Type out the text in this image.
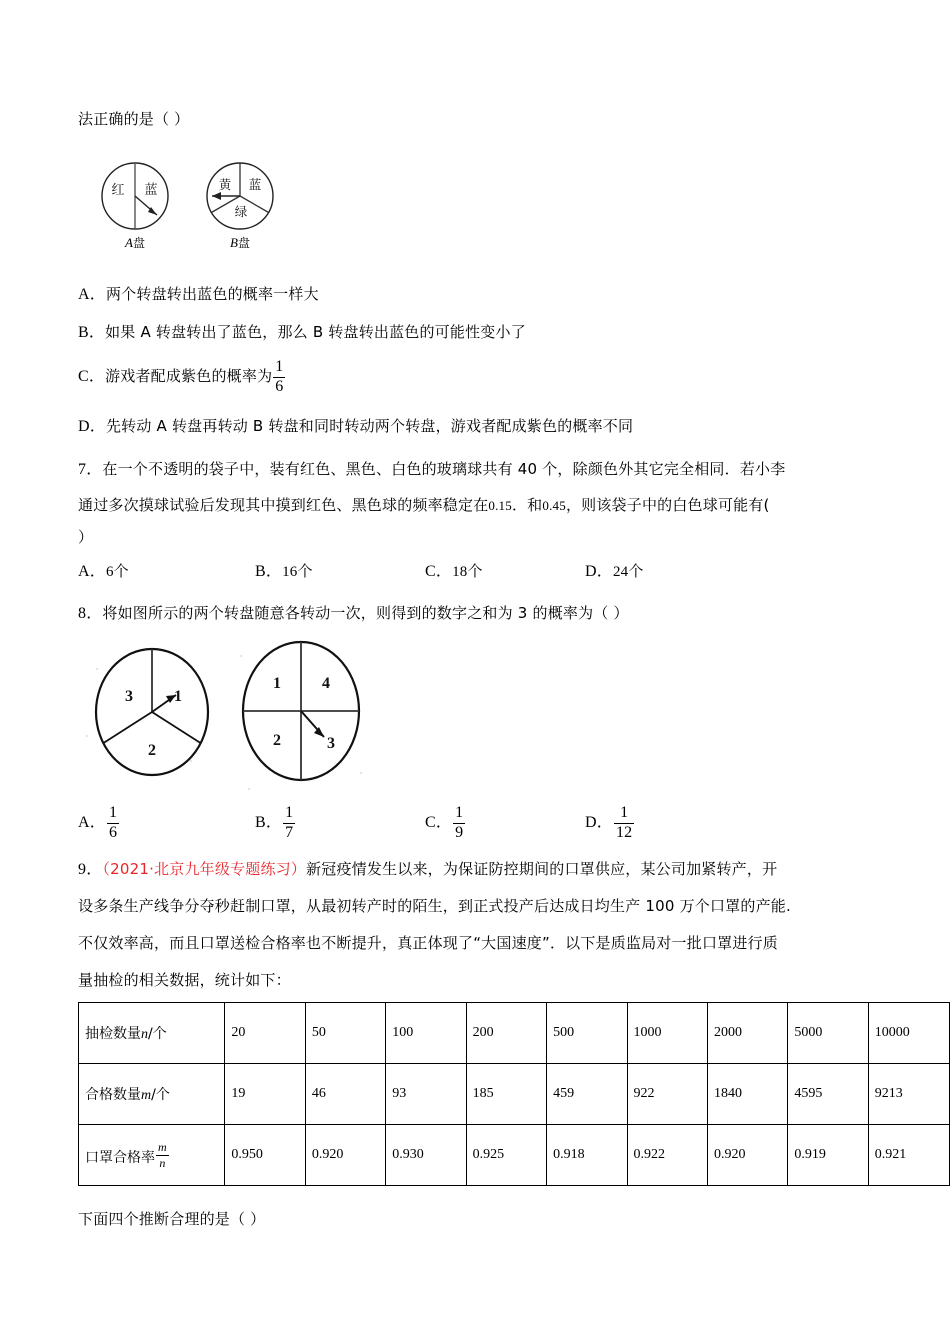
法正确的是（ ）
红 蓝
A盘
黄 蓝
绿
B盘
A．两个转盘转出蓝色的概率一样大
B．如果 A 转盘转出了蓝色，那么 B 转盘转出蓝色的可能性变小了
C．游戏者配成紫色的概率为 $\frac{1}{6}$
D．先转动 A 转盘再转动 B 转盘和同时转动两个转盘，游戏者配成紫色的概率不同
7．在一个不透明的袋子中，装有红色、黑色、白色的玻璃球共有 40 个，除颜色外其它完全相同．若小李
通过多次摸球试验后发现其中摸到红色、黑色球的频率稳定在0.15．和0.45，则该袋子中的白色球可能有(
）
A．6个	B．16个	C．18个	D．24个
8．将如图所示的两个转盘随意各转动一次，则得到的数字之和为 3 的概率为（ ）
3	1
2
1	4
2	3
A． $\frac{1}{6}$	B． $\frac{1}{7}$	C． $\frac{1}{9}$	D． $\frac{1}{12}$
9．（2021·北京九年级专题练习）新冠疫情发生以来，为保证防控期间的口罩供应，某公司加紧转产，开
设多条生产线争分夺秒赶制口罩，从最初转产时的陌生，到正式投产后达成日均生产 100 万个口罩的产能.
不仅效率高，而且口罩送检合格率也不断提升，真正体现了“大国速度”．以下是质监局对一批口罩进行质
量抽检的相关数据，统计如下：
抽检数量n/个	20	50	100	200	500	1000	2000	5000	10000
合格数量m/个	19	46	93	185	459	922	1840	4595	9213
口罩合格率 $\frac{m}{n}$	0.950	0.920	0.930	0.925	0.918	0.922	0.920	0.919	0.921
下面四个推断合理的是（ ）
